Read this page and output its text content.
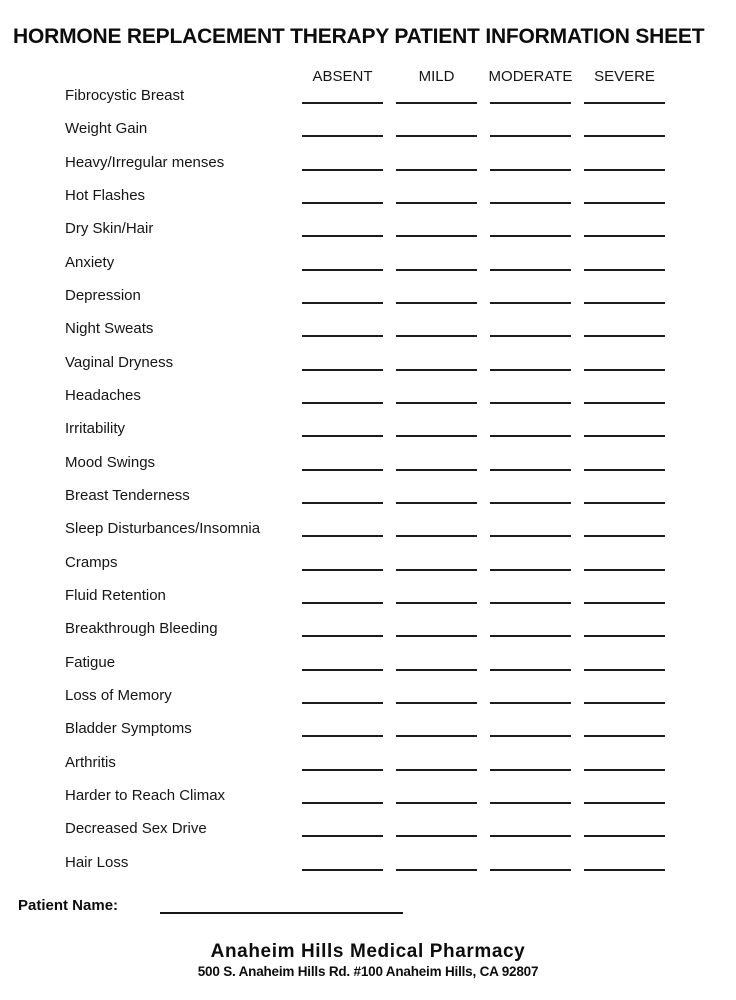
HORMONE REPLACEMENT THERAPY PATIENT INFORMATION SHEET
ABSENT	MILD	MODERATE	SEVERE
Fibrocystic Breast
Weight Gain
Heavy/Irregular menses
Hot Flashes
Dry Skin/Hair
Anxiety
Depression
Night Sweats
Vaginal Dryness
Headaches
Irritability
Mood Swings
Breast Tenderness
Sleep Disturbances/Insomnia
Cramps
Fluid Retention
Breakthrough Bleeding
Fatigue
Loss of Memory
Bladder Symptoms
Arthritis
Harder to Reach Climax
Decreased Sex Drive
Hair Loss
Patient Name:
Anaheim Hills Medical Pharmacy
500 S. Anaheim Hills Rd. #100 Anaheim Hills, CA 92807
